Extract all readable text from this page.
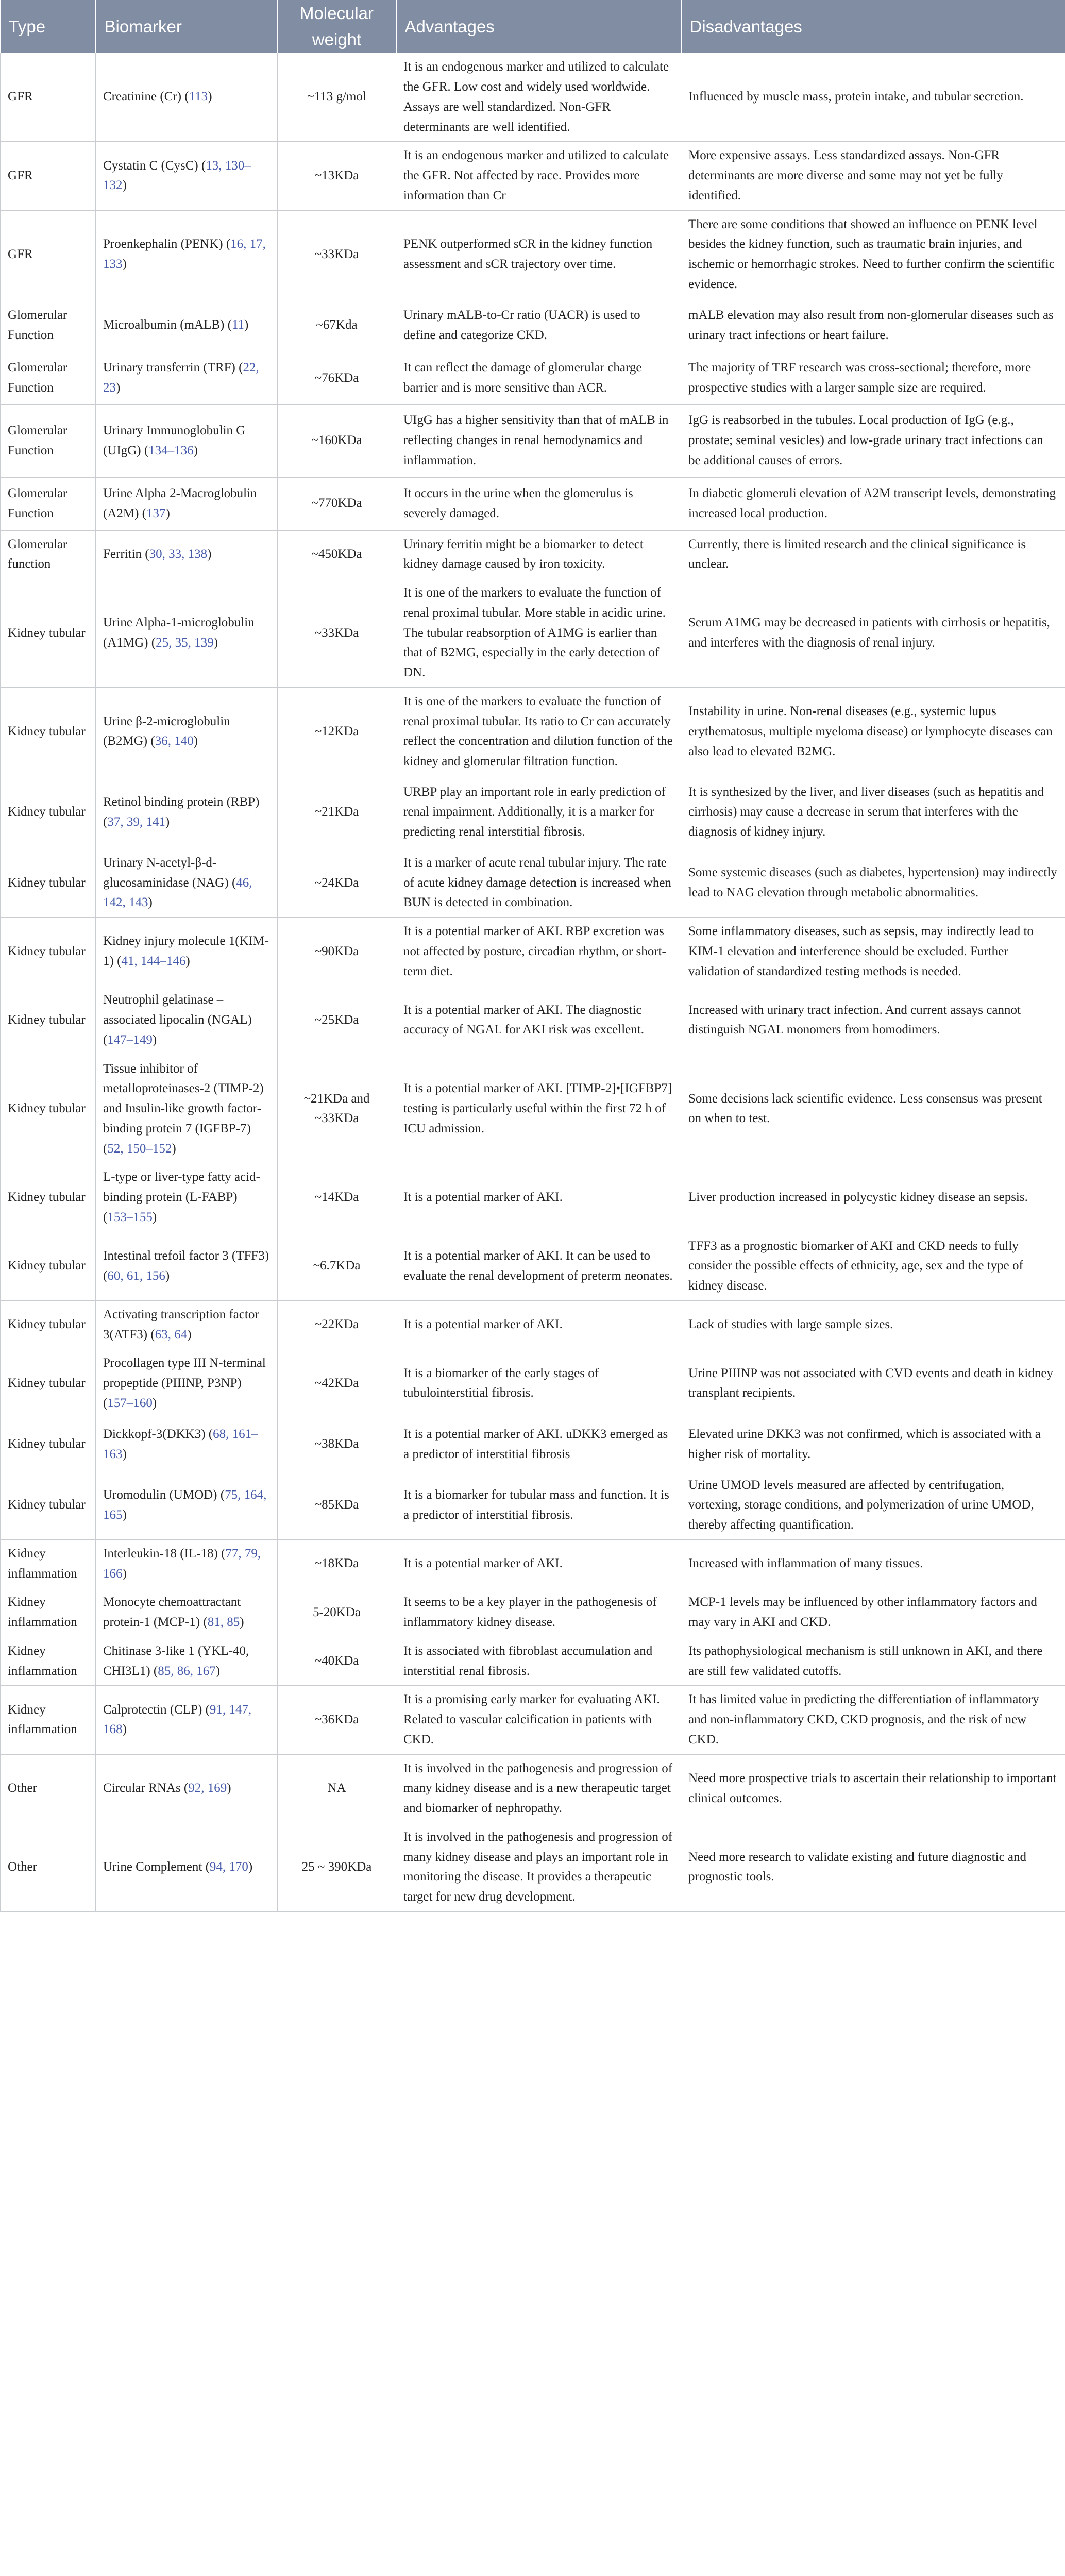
Type	Biomarker	Molecular weight	Advantages	Disadvantages
GFR	Creatinine (Cr) (113)	~113 g/mol	It is an endogenous marker and utilized to calculate the GFR. Low cost and widely used worldwide. Assays are well standardized. Non-GFR determinants are well identified.	Influenced by muscle mass, protein intake, and tubular secretion.
GFR	Cystatin C (CysC) (13, 130–132)	~13KDa	It is an endogenous marker and utilized to calculate the GFR. Not affected by race. Provides more information than Cr	More expensive assays. Less standardized assays. Non-GFR determinants are more diverse and some may not yet be fully identified.
GFR	Proenkephalin (PENK) (16, 17, 133)	~33KDa	PENK outperformed sCR in the kidney function assessment and sCR trajectory over time.	There are some conditions that showed an influence on PENK level besides the kidney function, such as traumatic brain injuries, and ischemic or hemorrhagic strokes. Need to further confirm the scientific evidence.
Glomerular Function	Microalbumin (mALB) (11)	~67Kda	Urinary mALB-to-Cr ratio (UACR) is used to define and categorize CKD.	mALB elevation may also result from non-glomerular diseases such as urinary tract infections or heart failure.
Glomerular Function	Urinary transferrin (TRF) (22, 23)	~76KDa	It can reflect the damage of glomerular charge barrier and is more sensitive than ACR.	The majority of TRF research was cross-sectional; therefore, more prospective studies with a larger sample size are required.
Glomerular Function	Urinary Immunoglobulin G (UIgG) (134–136)	~160KDa	UIgG has a higher sensitivity than that of mALB in reflecting changes in renal hemodynamics and inflammation.	IgG is reabsorbed in the tubules. Local production of IgG (e.g., prostate; seminal vesicles) and low-grade urinary tract infections can be additional causes of errors.
Glomerular Function	Urine Alpha 2-Macroglobulin (A2M) (137)	~770KDa	It occurs in the urine when the glomerulus is severely damaged.	In diabetic glomeruli elevation of A2M transcript levels, demonstrating increased local production.
Glomerular function	Ferritin (30, 33, 138)	~450KDa	Urinary ferritin might be a biomarker to detect kidney damage caused by iron toxicity.	Currently, there is limited research and the clinical significance is unclear.
Kidney tubular	Urine Alpha-1-microglobulin (A1MG) (25, 35, 139)	~33KDa	It is one of the markers to evaluate the function of renal proximal tubular. More stable in acidic urine. The tubular reabsorption of A1MG is earlier than that of B2MG, especially in the early detection of DN.	Serum A1MG may be decreased in patients with cirrhosis or hepatitis, and interferes with the diagnosis of renal injury.
Kidney tubular	Urine β-2-microglobulin (B2MG) (36, 140)	~12KDa	It is one of the markers to evaluate the function of renal proximal tubular. Its ratio to Cr can accurately reflect the concentration and dilution function of the kidney and glomerular filtration function.	Instability in urine. Non-renal diseases (e.g., systemic lupus erythematosus, multiple myeloma disease) or lymphocyte diseases can also lead to elevated B2MG.
Kidney tubular	Retinol binding protein (RBP) (37, 39, 141)	~21KDa	URBP play an important role in early prediction of renal impairment. Additionally, it is a marker for predicting renal interstitial fibrosis.	It is synthesized by the liver, and liver diseases (such as hepatitis and cirrhosis) may cause a decrease in serum that interferes with the diagnosis of kidney injury.
Kidney tubular	Urinary N-acetyl-β-d-glucosaminidase (NAG) (46, 142, 143)	~24KDa	It is a marker of acute renal tubular injury. The rate of acute kidney damage detection is increased when BUN is detected in combination.	Some systemic diseases (such as diabetes, hypertension) may indirectly lead to NAG elevation through metabolic abnormalities.
Kidney tubular	Kidney injury molecule 1(KIM-1) (41, 144–146)	~90KDa	It is a potential marker of AKI. RBP excretion was not affected by posture, circadian rhythm, or short-term diet.	Some inflammatory diseases, such as sepsis, may indirectly lead to KIM-1 elevation and interference should be excluded. Further validation of standardized testing methods is needed.
Kidney tubular	Neutrophil gelatinase – associated lipocalin (NGAL) (147–149)	~25KDa	It is a potential marker of AKI. The diagnostic accuracy of NGAL for AKI risk was excellent.	Increased with urinary tract infection. And current assays cannot distinguish NGAL monomers from homodimers.
Kidney tubular	Tissue inhibitor of metalloproteinases-2 (TIMP-2) and Insulin-like growth factor-binding protein 7 (IGFBP-7) (52, 150–152)	~21KDa and ~33KDa	It is a potential marker of AKI. [TIMP-2]•[IGFBP7] testing is particularly useful within the first 72 h of ICU admission.	Some decisions lack scientific evidence. Less consensus was present on when to test.
Kidney tubular	L-type or liver-type fatty acid-binding protein (L-FABP) (153–155)	~14KDa	It is a potential marker of AKI.	Liver production increased in polycystic kidney disease an sepsis.
Kidney tubular	Intestinal trefoil factor 3 (TFF3) (60, 61, 156)	~6.7KDa	It is a potential marker of AKI. It can be used to evaluate the renal development of preterm neonates.	TFF3 as a prognostic biomarker of AKI and CKD needs to fully consider the possible effects of ethnicity, age, sex and the type of kidney disease.
Kidney tubular	Activating transcription factor 3(ATF3) (63, 64)	~22KDa	It is a potential marker of AKI.	Lack of studies with large sample sizes.
Kidney tubular	Procollagen type III N-terminal propeptide (PIIINP, P3NP) (157–160)	~42KDa	It is a biomarker of the early stages of tubulointerstitial fibrosis.	Urine PIIINP was not associated with CVD events and death in kidney transplant recipients.
Kidney tubular	Dickkopf-3(DKK3) (68, 161–163)	~38KDa	It is a potential marker of AKI. uDKK3 emerged as a predictor of interstitial fibrosis	Elevated urine DKK3 was not confirmed, which is associated with a higher risk of mortality.
Kidney tubular	Uromodulin (UMOD) (75, 164, 165)	~85KDa	It is a biomarker for tubular mass and function. It is a predictor of interstitial fibrosis.	Urine UMOD levels measured are affected by centrifugation, vortexing, storage conditions, and polymerization of urine UMOD, thereby affecting quantification.
Kidney inflammation	Interleukin-18 (IL-18) (77, 79, 166)	~18KDa	It is a potential marker of AKI.	Increased with inflammation of many tissues.
Kidney inflammation	Monocyte chemoattractant protein-1 (MCP-1) (81, 85)	5-20KDa	It seems to be a key player in the pathogenesis of inflammatory kidney disease.	MCP-1 levels may be influenced by other inflammatory factors and may vary in AKI and CKD.
Kidney inflammation	Chitinase 3-like 1 (YKL-40, CHI3L1) (85, 86, 167)	~40KDa	It is associated with fibroblast accumulation and interstitial renal fibrosis.	Its pathophysiological mechanism is still unknown in AKI, and there are still few validated cutoffs.
Kidney inflammation	Calprotectin (CLP) (91, 147, 168)	~36KDa	It is a promising early marker for evaluating AKI. Related to vascular calcification in patients with CKD.	It has limited value in predicting the differentiation of inflammatory and non-inflammatory CKD, CKD prognosis, and the risk of new CKD.
Other	Circular RNAs (92, 169)	NA	It is involved in the pathogenesis and progression of many kidney disease and is a new therapeutic target and biomarker of nephropathy.	Need more prospective trials to ascertain their relationship to important clinical outcomes.
Other	Urine Complement (94, 170)	25 ~ 390KDa	It is involved in the pathogenesis and progression of many kidney disease and plays an important role in monitoring the disease. It provides a therapeutic target for new drug development.	Need more research to validate existing and future diagnostic and prognostic tools.
